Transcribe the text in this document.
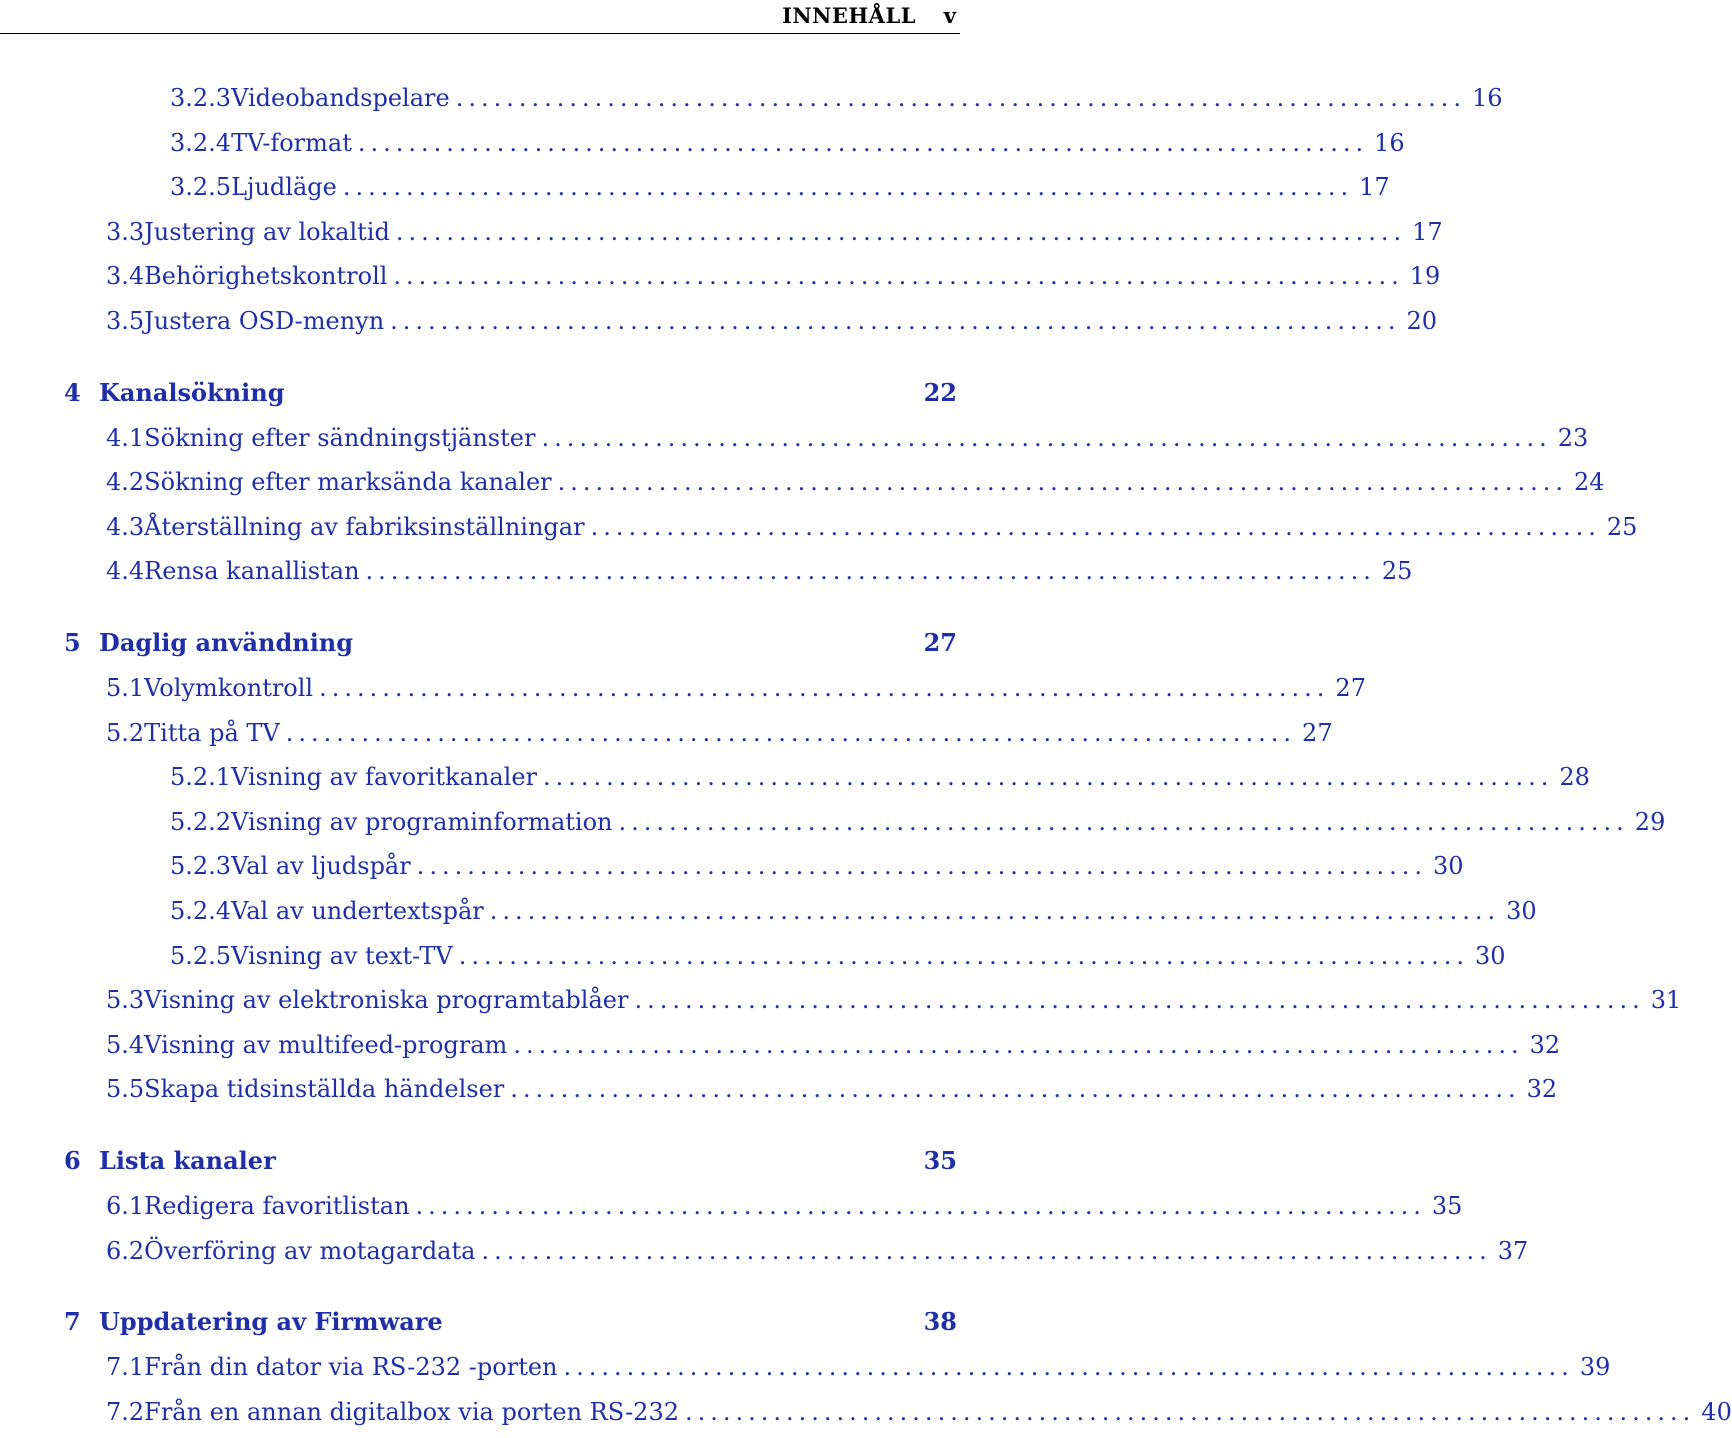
INNEHÅLL v
3.2.3 Videobandspelare ................................................................................ 16
3.2.4 TV-format ................................................................................ 16
3.2.5 Ljudläge ................................................................................ 17
3.3 Justering av lokaltid ................................................................................ 17
3.4 Behörighetskontroll ................................................................................ 19
3.5 Justera OSD-menyn ................................................................................ 20
4 Kanalsökning	22
4.1 Sökning efter sändningstjänster ................................................................................ 23
4.2 Sökning efter marksända kanaler ................................................................................ 24
4.3 Återställning av fabriksinställningar ................................................................................ 25
4.4 Rensa kanallistan ................................................................................ 25
5 Daglig användning	27
5.1 Volymkontroll ................................................................................ 27
5.2 Titta på TV ................................................................................ 27
5.2.1 Visning av favoritkanaler ................................................................................ 28
5.2.2 Visning av programinformation ................................................................................ 29
5.2.3 Val av ljudspår ................................................................................ 30
5.2.4 Val av undertextspår ................................................................................ 30
5.2.5 Visning av text-TV ................................................................................ 30
5.3 Visning av elektroniska programtablåer ................................................................................ 31
5.4 Visning av multifeed-program ................................................................................ 32
5.5 Skapa tidsinställda händelser ................................................................................ 32
6 Lista kanaler	35
6.1 Redigera favoritlistan ................................................................................ 35
6.2 Överföring av motagardata ................................................................................ 37
7 Uppdatering av Firmware	38
7.1 Från din dator via RS-232 -porten ................................................................................ 39
7.2 Från en annan digitalbox via porten RS-232 ................................................................................ 40
